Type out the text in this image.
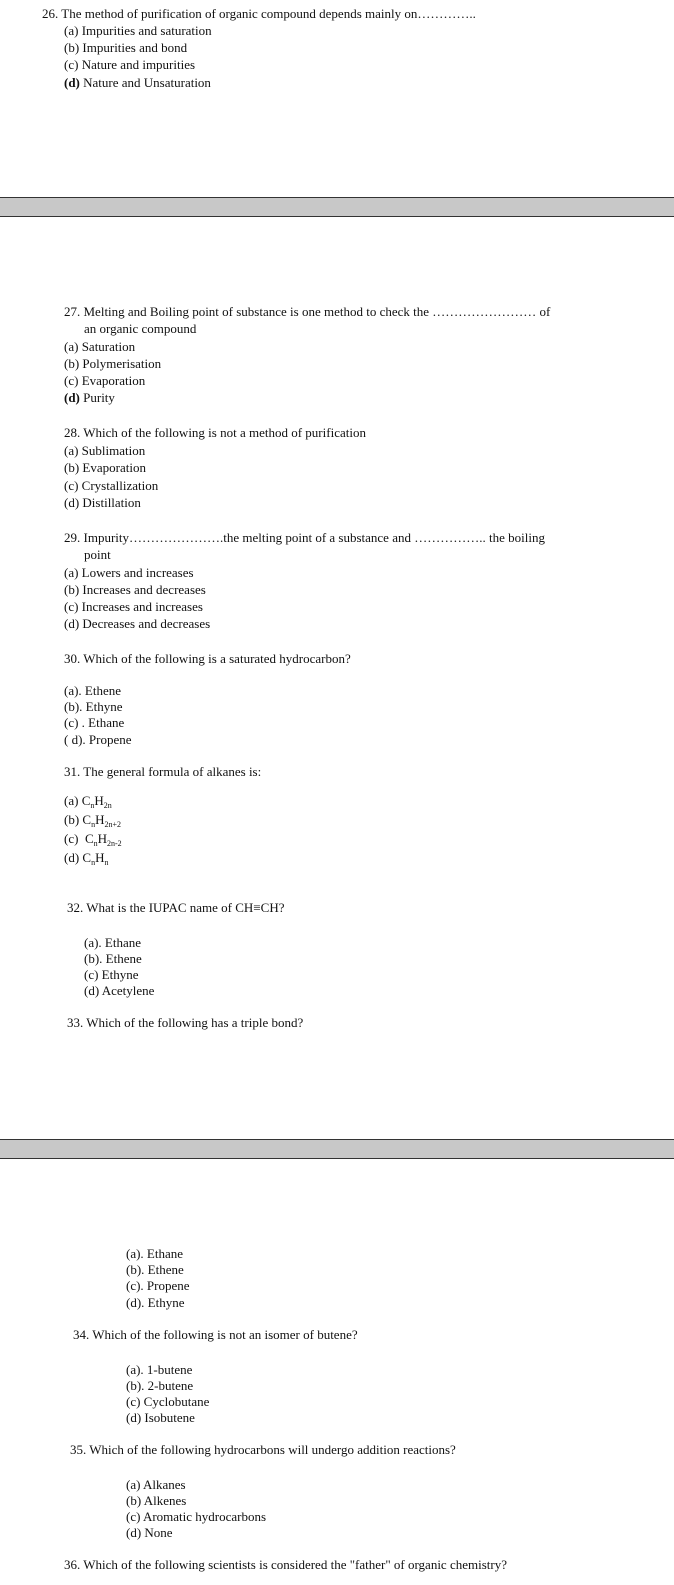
26. The method of purification of organic compound depends mainly on…………..
(a) Impurities and saturation
(b) Impurities and bond
(c) Nature and impurities
(d) Nature and Unsaturation
27. Melting and Boiling point of substance is one method to check the …………………… of
an organic compound
(a) Saturation
(b) Polymerisation
(c) Evaporation
(d) Purity
28. Which of the following is not a method of purification
(a) Sublimation
(b) Evaporation
(c) Crystallization
(d) Distillation
29. Impurity………………….the melting point of a substance and …………….. the boiling
point
(a) Lowers and increases
(b) Increases and decreases
(c) Increases and increases
(d) Decreases and decreases
30. Which of the following is a saturated hydrocarbon?
(a). Ethene
(b). Ethyne
(c) . Ethane
( d). Propene
31. The general formula of alkanes is:
(a) $C_nH_{2n}$
(b) $C_nH_{2n+2}$
(c) $C_nH_{2n-2}$
(d) $C_nH_n$
32. What is the IUPAC name of CH≡CH?
(a). Ethane
(b). Ethene
(c) Ethyne
(d) Acetylene
33. Which of the following has a triple bond?
(a). Ethane
(b). Ethene
(c). Propene
(d). Ethyne
34. Which of the following is not an isomer of butene?
(a). 1-butene
(b). 2-butene
(c) Cyclobutane
(d) Isobutene
35. Which of the following hydrocarbons will undergo addition reactions?
(a) Alkanes
(b) Alkenes
(c) Aromatic hydrocarbons
(d) None
36. Which of the following scientists is considered the "father" of organic chemistry?
